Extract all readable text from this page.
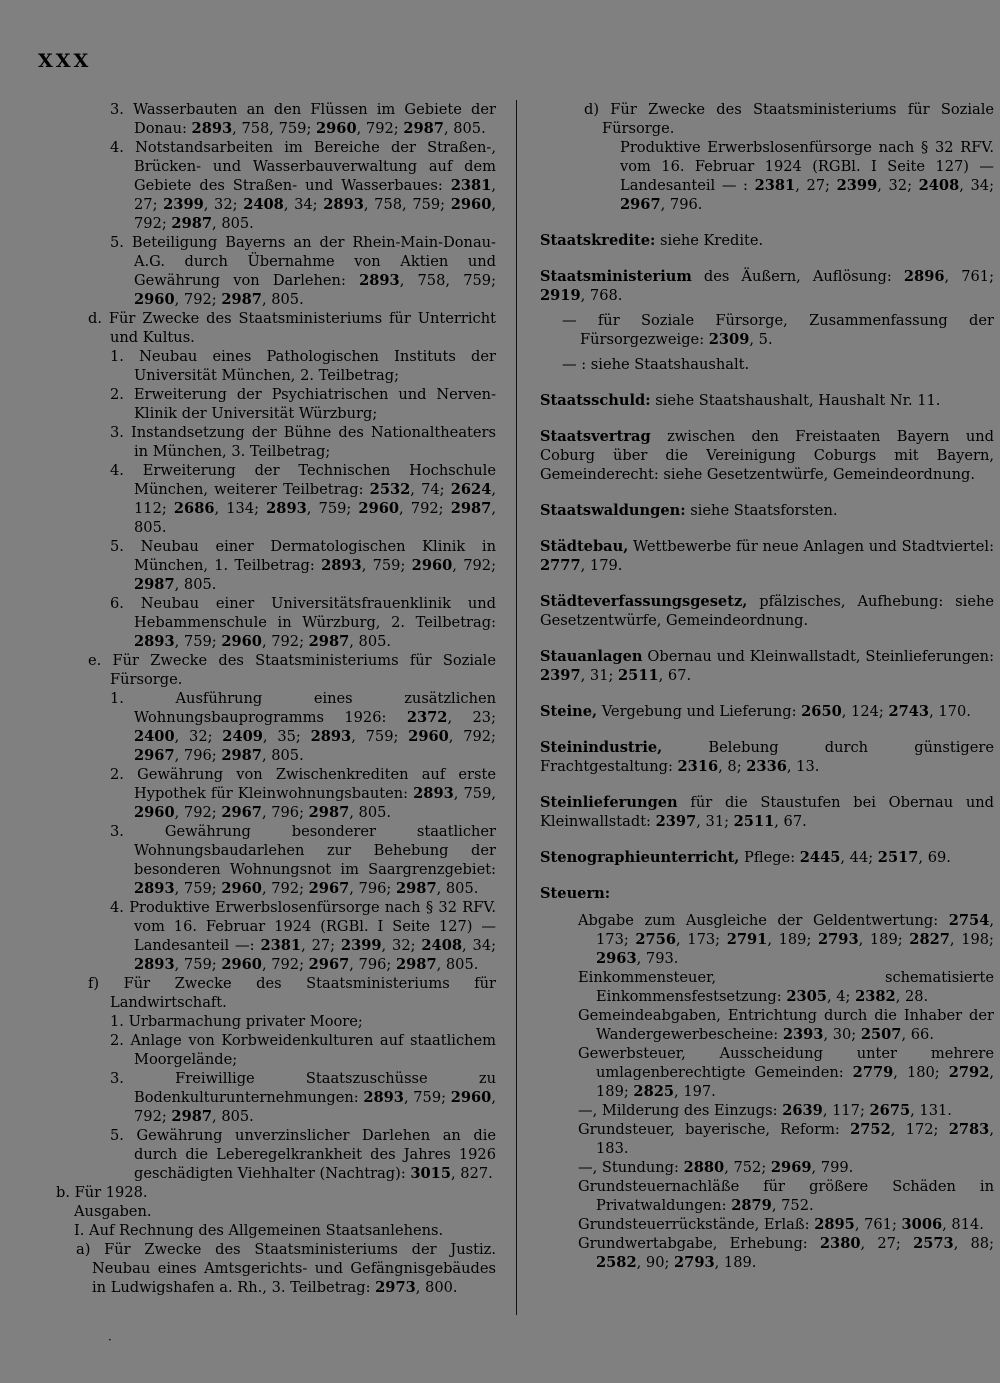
XXX

3. Wasserbauten an den Flüssen im Gebiete der Donau: 2893, 758, 759; 2960, 792; 2987, 805.

4. Notstandsarbeiten im Bereiche der Straßen-, Brücken- und Wasserbauverwaltung auf dem Gebiete des Straßen- und Wasserbaues: 2381, 27; 2399, 32; 2408, 34; 2893, 758, 759; 2960, 792; 2987, 805.

5. Beteiligung Bayerns an der Rhein-Main-Donau-A.G. durch Übernahme von Aktien und Gewährung von Darlehen: 2893, 758, 759; 2960, 792; 2987, 805.

d. Für Zwecke des Staatsministeriums für Unterricht und Kultus.

1. Neubau eines Pathologischen Instituts der Universität München, 2. Teilbetrag;

2. Erweiterung der Psychiatrischen und Nerven-Klinik der Universität Würzburg;

3. Instandsetzung der Bühne des Nationaltheaters in München, 3. Teilbetrag;

4. Erweiterung der Technischen Hochschule München, weiterer Teilbetrag: 2532, 74; 2624, 112; 2686, 134; 2893, 759; 2960, 792; 2987, 805.

5. Neubau einer Dermatologischen Klinik in München, 1. Teilbetrag: 2893, 759; 2960, 792; 2987, 805.

6. Neubau einer Universitätsfrauenklinik und Hebammenschule in Würzburg, 2. Teilbetrag: 2893, 759; 2960, 792; 2987, 805.

e. Für Zwecke des Staatsministeriums für Soziale Fürsorge.

1. Ausführung eines zusätzlichen Wohnungsbauprogramms 1926: 2372, 23; 2400, 32; 2409, 35; 2893, 759; 2960, 792; 2967, 796; 2987, 805.

2. Gewährung von Zwischenkrediten auf erste Hypothek für Kleinwohnungsbauten: 2893, 759, 2960, 792; 2967, 796; 2987, 805.

3. Gewährung besonderer staatlicher Wohnungsbaudarlehen zur Behebung der besonderen Wohnungsnot im Saargrenzgebiet: 2893, 759; 2960, 792; 2967, 796; 2987, 805.

4. Produktive Erwerbslosenfürsorge nach § 32 RFV. vom 16. Februar 1924 (RGBl. I Seite 127) — Landesanteil —: 2381, 27; 2399, 32; 2408, 34; 2893, 759; 2960, 792; 2967, 796; 2987, 805.

f) Für Zwecke des Staatsministeriums für Landwirtschaft.

1. Urbarmachung privater Moore;

2. Anlage von Korbweidenkulturen auf staatlichem Moorgelände;

3. Freiwillige Staatszuschüsse zu Bodenkulturunternehmungen: 2893, 759; 2960, 792; 2987, 805.

5. Gewährung unverzinslicher Darlehen an die durch die Leberegelkrankheit des Jahres 1926 geschädigten Viehhalter (Nachtrag): 3015, 827.

b. Für 1928.

Ausgaben.

I. Auf Rechnung des Allgemeinen Staatsanlehens.

a) Für Zwecke des Staatsministeriums der Justiz. Neubau eines Amtsgerichts- und Gefängnisgebäudes in Ludwigshafen a. Rh., 3. Teilbetrag: 2973, 800.

d) Für Zwecke des Staatsministeriums für Soziale Fürsorge.

Produktive Erwerbslosenfürsorge nach § 32 RFV. vom 16. Februar 1924 (RGBl. I Seite 127) — Landesanteil — : 2381, 27; 2399, 32; 2408, 34; 2967, 796.

Staatskredite: siehe Kredite.
Staatsministerium des Äußern, Auflösung: 2896, 761; 2919, 768.

— für Soziale Fürsorge, Zusammenfassung der Fürsorgezweige: 2309, 5.

— : siehe Staatshaushalt.

Staatsschuld: siehe Staatshaushalt, Haushalt Nr. 11.
Staatsvertrag zwischen den Freistaaten Bayern und Coburg über die Vereinigung Coburgs mit Bayern, Gemeinderecht: siehe Gesetzentwürfe, Gemeindeordnung.
Staatswaldungen: siehe Staatsforsten.
Städtebau, Wettbewerbe für neue Anlagen und Stadtviertel: 2777, 179.
Städteverfassungsgesetz, pfälzisches, Aufhebung: siehe Gesetzentwürfe, Gemeindeordnung.
Stauanlagen Obernau und Kleinwallstadt, Steinlieferungen: 2397, 31; 2511, 67.
Steine, Vergebung und Lieferung: 2650, 124; 2743, 170.
Steinindustrie, Belebung durch günstigere Frachtgestaltung: 2316, 8; 2336, 13.
Steinlieferungen für die Staustufen bei Obernau und Kleinwallstadt: 2397, 31; 2511, 67.
Stenographieunterricht, Pflege: 2445, 44; 2517, 69.
Steuern:

Abgabe zum Ausgleiche der Geldentwertung: 2754, 173; 2756, 173; 2791, 189; 2793, 189; 2827, 198; 2963, 793.

Einkommensteuer, schematisierte Einkommensfestsetzung: 2305, 4; 2382, 28.

Gemeindeabgaben, Entrichtung durch die Inhaber der Wandergewerbescheine: 2393, 30; 2507, 66.

Gewerbsteuer, Ausscheidung unter mehrere umlagenberechtigte Gemeinden: 2779, 180; 2792, 189; 2825, 197.

—, Milderung des Einzugs: 2639, 117; 2675, 131.

Grundsteuer, bayerische, Reform: 2752, 172; 2783, 183.

—, Stundung: 2880, 752; 2969, 799.

Grundsteuernachläße für größere Schäden in Privatwaldungen: 2879, 752.

Grundsteuerrückstände, Erlaß: 2895, 761; 3006, 814.

Grundwertabgabe, Erhebung: 2380, 27; 2573, 88; 2582, 90; 2793, 189.

·
